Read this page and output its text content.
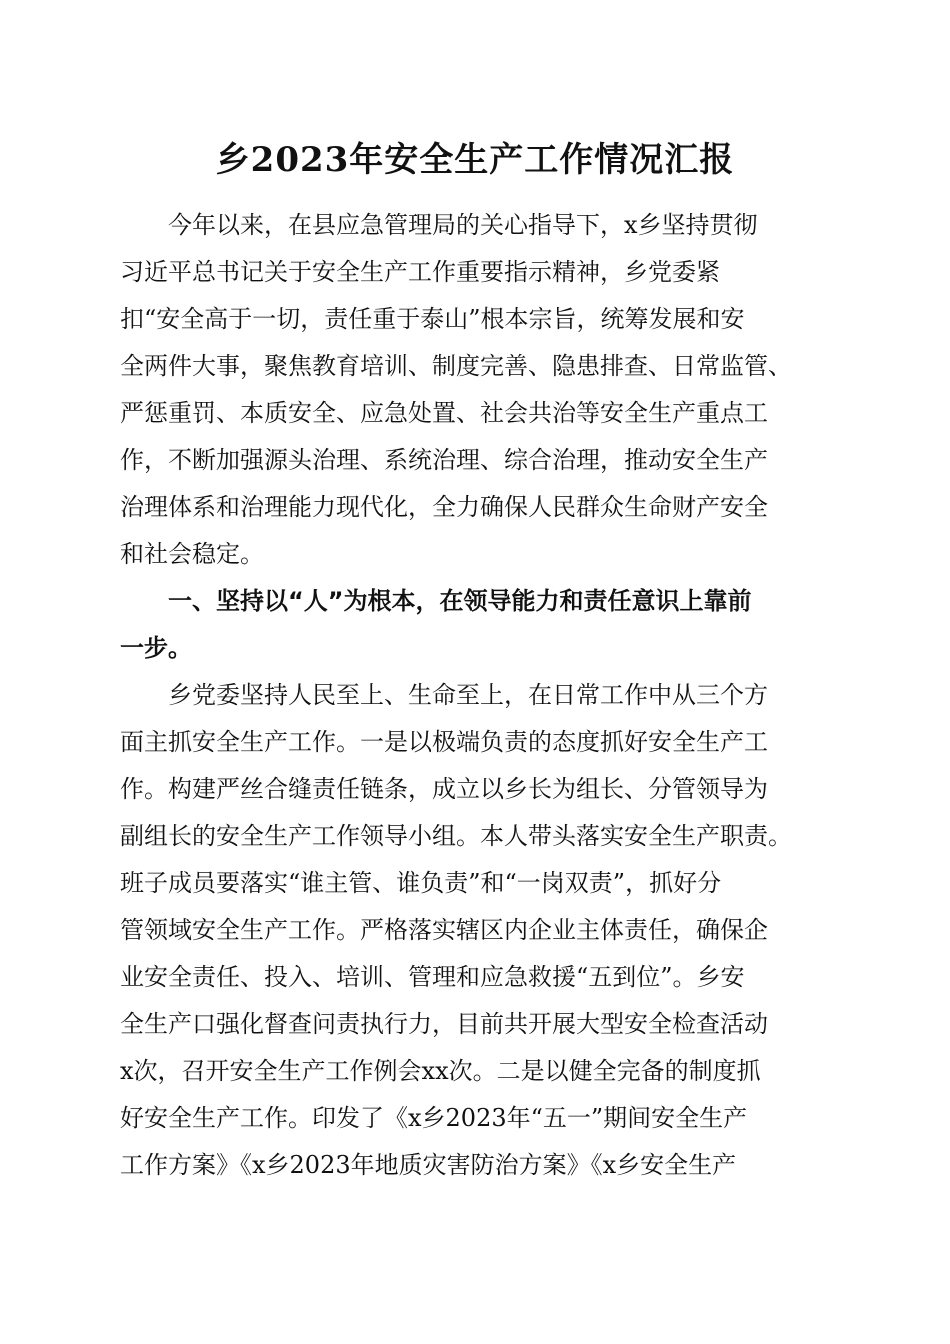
乡2023年安全生产工作情况汇报

今年以来，在县应急管理局的关心指导下，x乡坚持贯彻

习近平总书记关于安全生产工作重要指示精神，乡党委紧

扣“安全高于一切，责任重于泰山”根本宗旨，统筹发展和安

全两件大事，聚焦教育培训、制度完善、隐患排查、日常监管、

严惩重罚、本质安全、应急处置、社会共治等安全生产重点工

作，不断加强源头治理、系统治理、综合治理，推动安全生产

治理体系和治理能力现代化，全力确保人民群众生命财产安全

和社会稳定。

一、坚持以“人”为根本，在领导能力和责任意识上靠前

一步。

乡党委坚持人民至上、生命至上，在日常工作中从三个方

面主抓安全生产工作。一是以极端负责的态度抓好安全生产工

作。构建严丝合缝责任链条，成立以乡长为组长、分管领导为

副组长的安全生产工作领导小组。本人带头落实安全生产职责。

班子成员要落实“谁主管、谁负责”和“一岗双责”，抓好分

管领域安全生产工作。严格落实辖区内企业主体责任，确保企

业安全责任、投入、培训、管理和应急救援“五到位”。乡安

全生产口强化督查问责执行力，目前共开展大型安全检查活动

x次，召开安全生产工作例会xx次。二是以健全完备的制度抓

好安全生产工作。印发了《x乡2023年“五一”期间安全生产

工作方案》《x乡2023年地质灾害防治方案》《x乡安全生产
